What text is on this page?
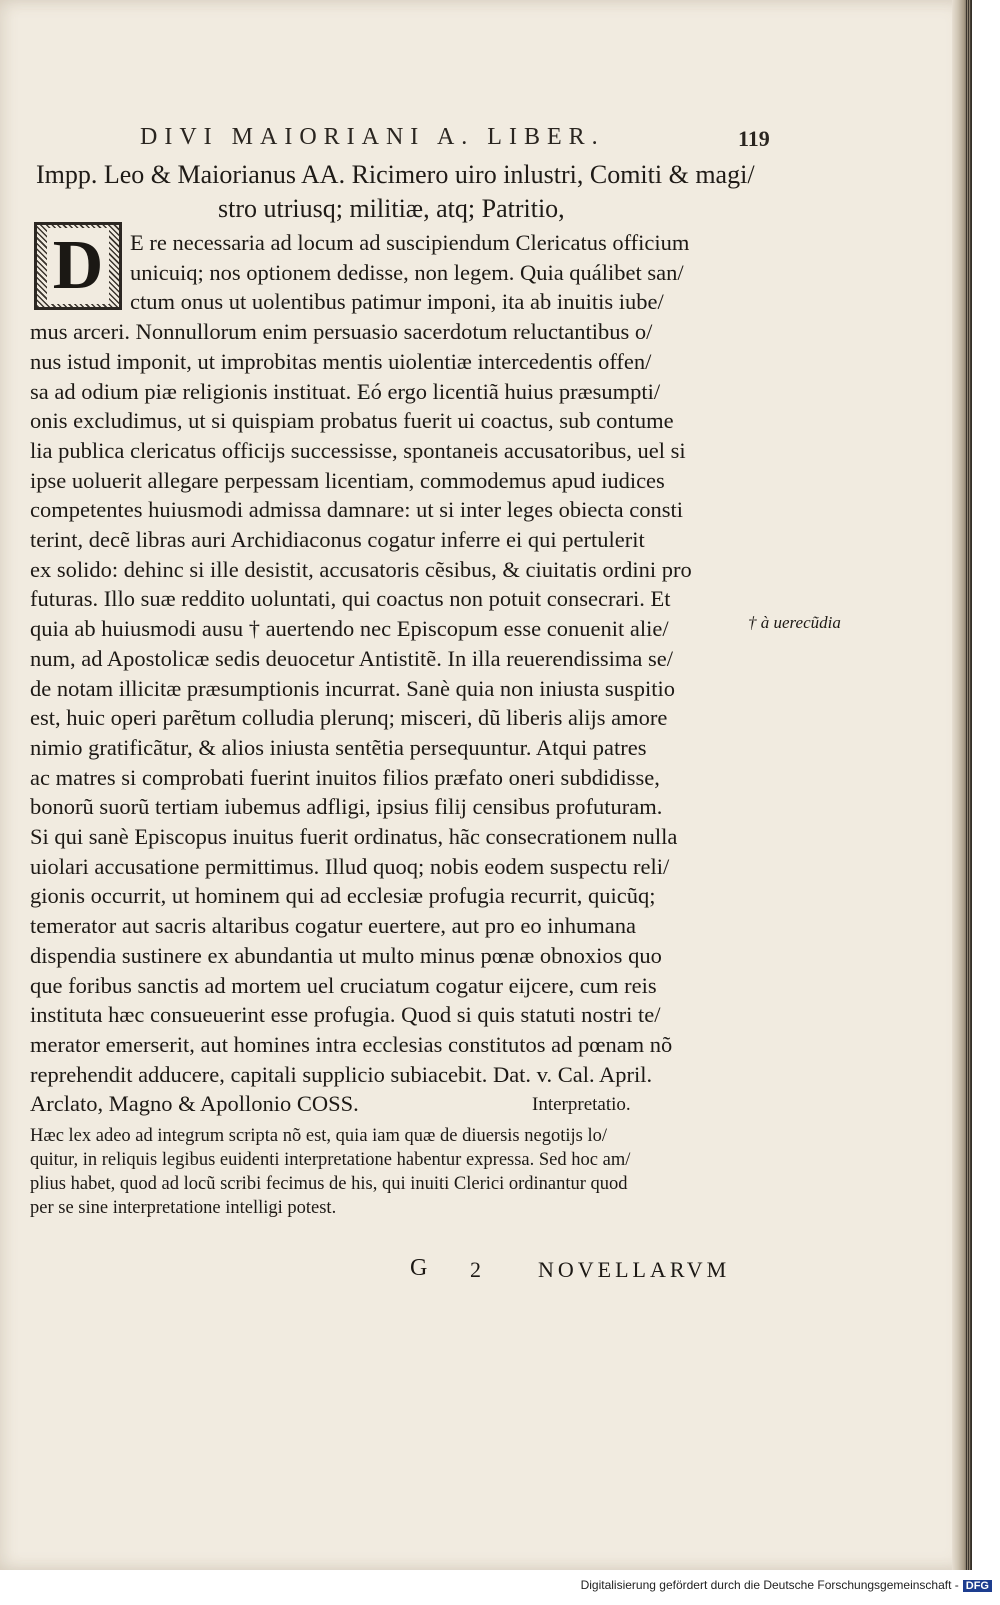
DIVI MAIORIANI A. LIBER.	119
Impp. Leo & Maiorianus AA. Ricimero uiro inlustri, Comiti & magi/
stro utriusq; militiæ, atq; Patritio,
D	E re necessaria ad locum ad suscipiendum Clericatus officium
unicuiq; nos optionem dedisse, non legem. Quia quálibet san/
ctum onus ut uolentibus patimur imponi, ita ab inuitis iube/
mus arceri. Nonnullorum enim persuasio sacerdotum reluctantibus o/
nus istud imponit, ut improbitas mentis uiolentiæ intercedentis offen/
sa ad odium piæ religionis instituat. Eó ergo licentiã huius præsumpti/
onis excludimus, ut si quispiam probatus fuerit ui coactus, sub contume
lia publica clericatus officijs successisse, spontaneis accusatoribus, uel si
ipse uoluerit allegare perpessam licentiam, commodemus apud iudices
competentes huiusmodi admissa damnare: ut si inter leges obiecta consti
terint, decẽ libras auri Archidiaconus cogatur inferre ei qui pertulerit
ex solido: dehinc si ille desistit, accusatoris cẽsibus, & ciuitatis ordini pro
futuras. Illo suæ reddito uoluntati, qui coactus non potuit consecrari. Et
quia ab huiusmodi ausu † auertendo nec Episcopum esse conuenit alie/
num, ad Apostolicæ sedis deuocetur Antistitẽ. In illa reuerendissima se/
de notam illicitæ præsumptionis incurrat. Sanè quia non iniusta suspitio
est, huic operi parẽtum colludia plerunq; misceri, dũ liberis alijs amore
nimio gratificãtur, & alios iniusta sentẽtia persequuntur. Atqui patres
ac matres si comprobati fuerint inuitos filios præfato oneri subdidisse,
bonorũ suorũ tertiam iubemus adfligi, ipsius filij censibus profuturam.
Si qui sanè Episcopus inuitus fuerit ordinatus, hãc consecrationem nulla
uiolari accusatione permittimus. Illud quoq; nobis eodem suspectu reli/
gionis occurrit, ut hominem qui ad ecclesiæ profugia recurrit, quicũq;
temerator aut sacris altaribus cogatur euertere, aut pro eo inhumana
dispendia sustinere ex abundantia ut multo minus pœnæ obnoxios quo
que foribus sanctis ad mortem uel cruciatum cogatur eijcere, cum reis
instituta hæc consueuerint esse profugia. Quod si quis statuti nostri te/
merator emerserit, aut homines intra ecclesias constitutos ad pœnam nõ
reprehendit adducere, capitali supplicio subiacebit. Dat. v. Cal. April.
Arclato, Magno & Apollonio COSS.
† à uerecũdia
Interpretatio.
Hæc lex adeo ad integrum scripta nõ est, quia iam quæ de diuersis negotijs lo/
quitur, in reliquis legibus euidenti interpretatione habentur expressa. Sed hoc am/
plius habet, quod ad locũ scribi fecimus de his, qui inuiti Clerici ordinantur quod
per se sine interpretatione intelligi potest.
G 2	NOVELLARVM
Digitalisierung gefördert durch die Deutsche Forschungsgemeinschaft - DFG
